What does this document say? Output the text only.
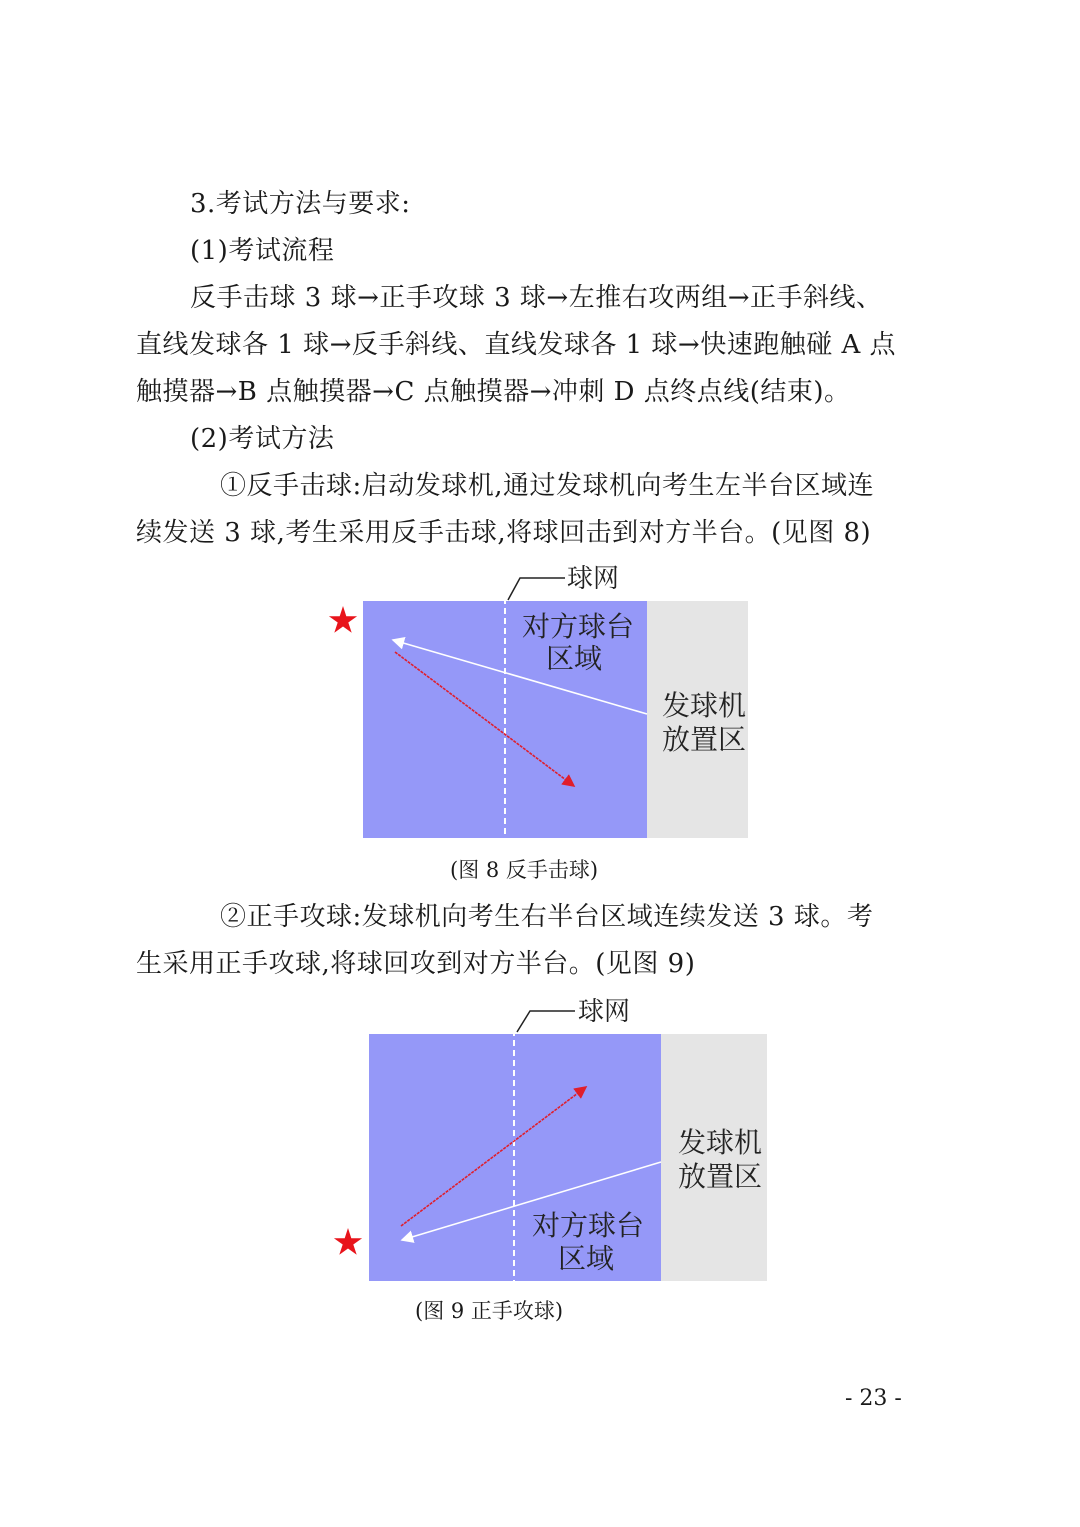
3.考试方法与要求:
(1)考试流程
反手击球 3 球→正手攻球 3 球→左推右攻两组→正手斜线、
直线发球各 1 球→反手斜线、直线发球各 1 球→快速跑触碰 A 点
触摸器→B 点触摸器→C 点触摸器→冲刺 D 点终点线(结束)。
(2)考试方法
①反手击球:启动发球机,通过发球机向考生左半台区域连
续发送 3 球,考生采用反手击球,将球回击到对方半台。(见图 8)
球网
对方球台
区域
发球机
放置区
(图 8 反手击球)
②正手攻球:发球机向考生右半台区域连续发送 3 球。考
生采用正手攻球,将球回攻到对方半台。(见图 9)
球网
发球机
放置区
对方球台
区域
(图 9 正手攻球)
- 23 -
